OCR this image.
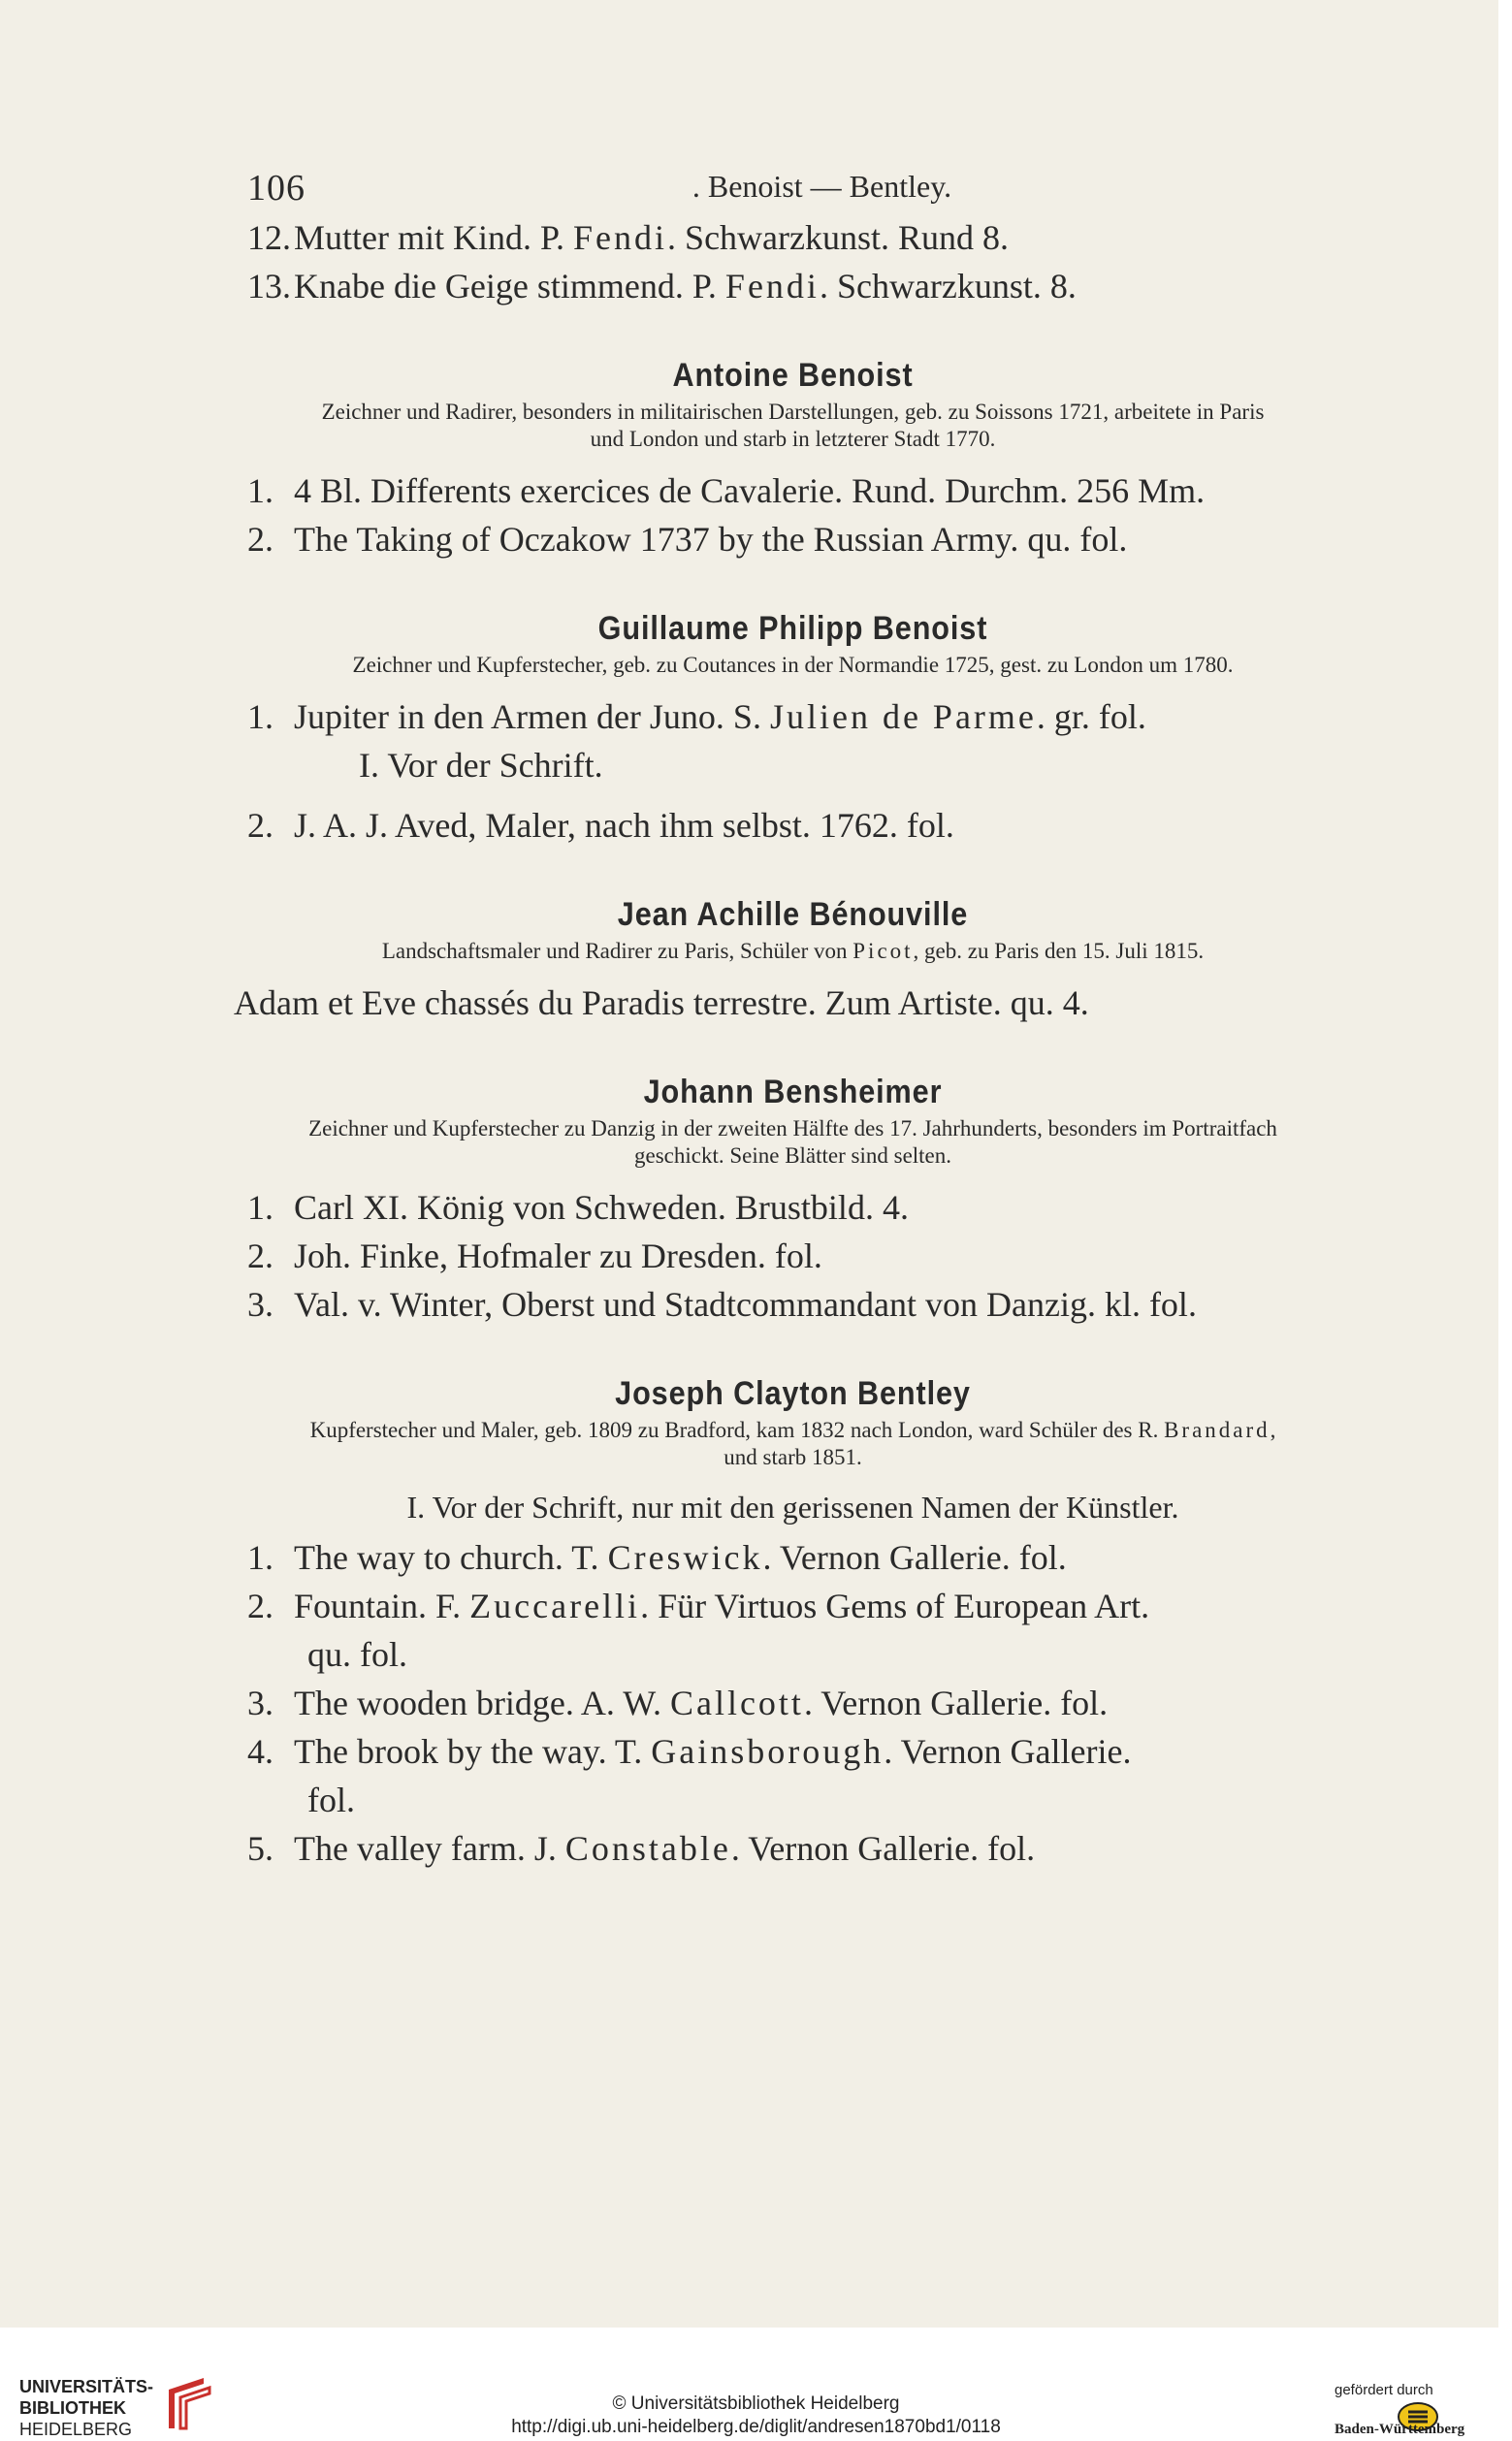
106	. Benoist — Bentley.
12.Mutter mit Kind. P. Fendi. Schwarzkunst. Rund 8.
13.Knabe die Geige stimmend. P. Fendi. Schwarzkunst. 8.
Antoine Benoist
Zeichner und Radirer, besonders in militairischen Darstellungen, geb. zu Soissons 1721, arbeitete in Paris und London und starb in letzterer Stadt 1770.
1. 4 Bl. Differents exercices de Cavalerie. Rund. Durchm. 256 Mm.
2. The Taking of Oczakow 1737 by the Russian Army. qu. fol.
Guillaume Philipp Benoist
Zeichner und Kupferstecher, geb. zu Coutances in der Normandie 1725, gest. zu London um 1780.
1. Jupiter in den Armen der Juno. S. Julien de Parme. gr. fol.
I. Vor der Schrift.
2. J. A. J. Aved, Maler, nach ihm selbst. 1762. fol.
Jean Achille Bénouville
Landschaftsmaler und Radirer zu Paris, Schüler von Picot, geb. zu Paris den 15. Juli 1815.
Adam et Eve chassés du Paradis terrestre. Zum Artiste. qu. 4.
Johann Bensheimer
Zeichner und Kupferstecher zu Danzig in der zweiten Hälfte des 17. Jahrhunderts, besonders im Portraitfach geschickt. Seine Blätter sind selten.
1. Carl XI. König von Schweden. Brustbild. 4.
2. Joh. Finke, Hofmaler zu Dresden. fol.
3. Val. v. Winter, Oberst und Stadtcommandant von Danzig. kl. fol.
Joseph Clayton Bentley
Kupferstecher und Maler, geb. 1809 zu Bradford, kam 1832 nach London, ward Schüler des R. Brandard, und starb 1851.
I. Vor der Schrift, nur mit den gerissenen Namen der Künstler.
1. The way to church. T. Creswick. Vernon Gallerie. fol.
2. Fountain. F. Zuccarelli. Für Virtuos Gems of European Art.
qu. fol.
3. The wooden bridge. A. W. Callcott. Vernon Gallerie. fol.
4. The brook by the way. T. Gainsborough. Vernon Gallerie.
fol.
5. The valley farm. J. Constable. Vernon Gallerie. fol.
UNIVERSITÄTS-
BIBLIOTHEK
HEIDELBERG
© Universitätsbibliothek Heidelberg
http://digi.ub.uni-heidelberg.de/diglit/andresen1870bd1/0118
gefördert durch
Baden-Württemberg
